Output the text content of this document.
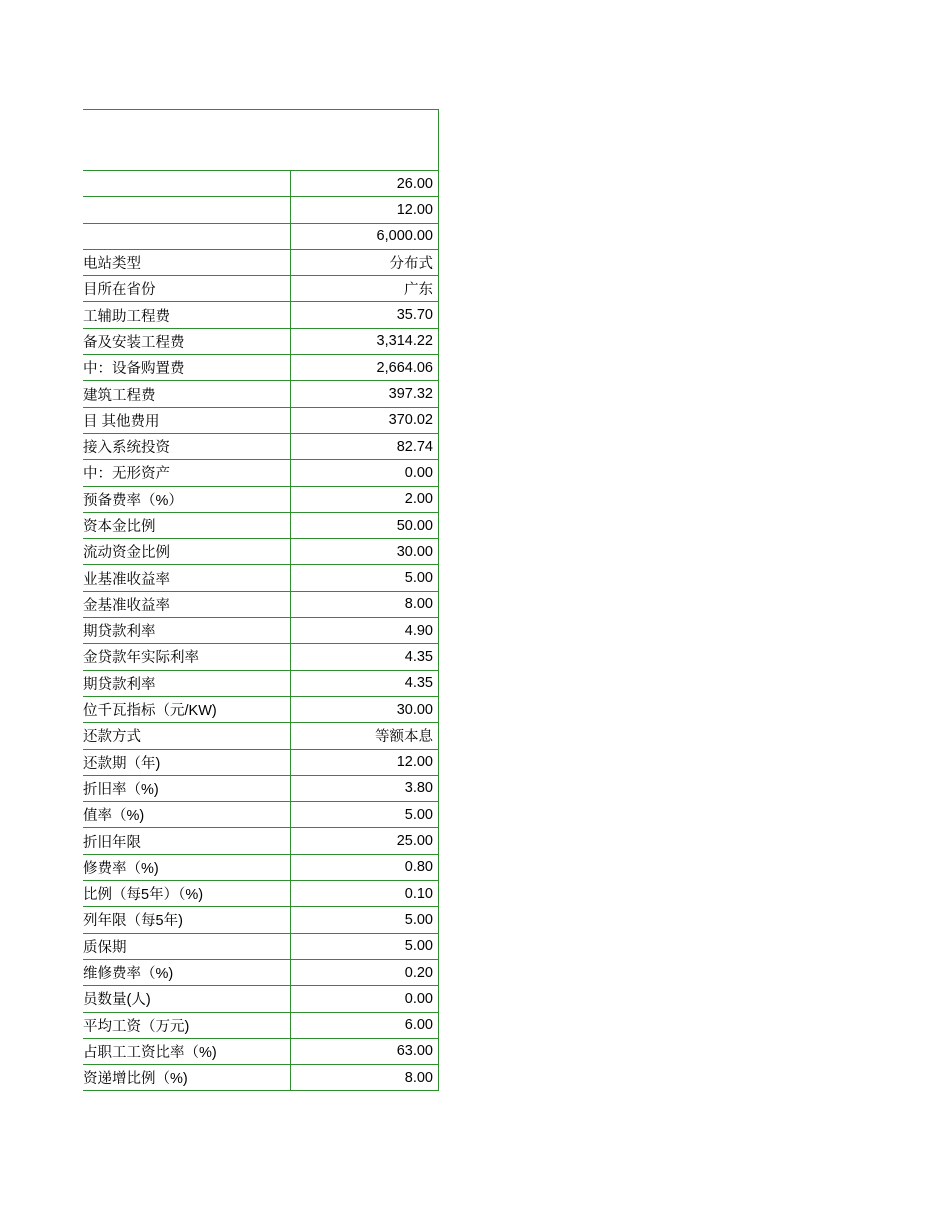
	26.00
	12.00
	6,000.00
电站类型	分布式
目所在省份	广东
工辅助工程费	35.70
备及安装工程费	3,314.22
中：设备购置费	2,664.06
建筑工程费	397.32
目 其他费用	370.02
接入系统投资	82.74
中：无形资产	0.00
预备费率（%）	2.00
资本金比例	50.00
流动资金比例	30.00
业基准收益率	5.00
金基准收益率	8.00
期贷款利率	4.90
金贷款年实际利率	4.35
期贷款利率	4.35
位千瓦指标（元/KW)	30.00
还款方式	等额本息
还款期（年)	12.00
折旧率（%)	3.80
值率（%)	5.00
折旧年限	25.00
修费率（%)	0.80
比例（每5年）（%)	0.10
列年限（每5年)	5.00
质保期	5.00
维修费率（%)	0.20
员数量(人)	0.00
平均工资（万元)	6.00
占职工工资比率（%)	63.00
资递增比例（%)	8.00
